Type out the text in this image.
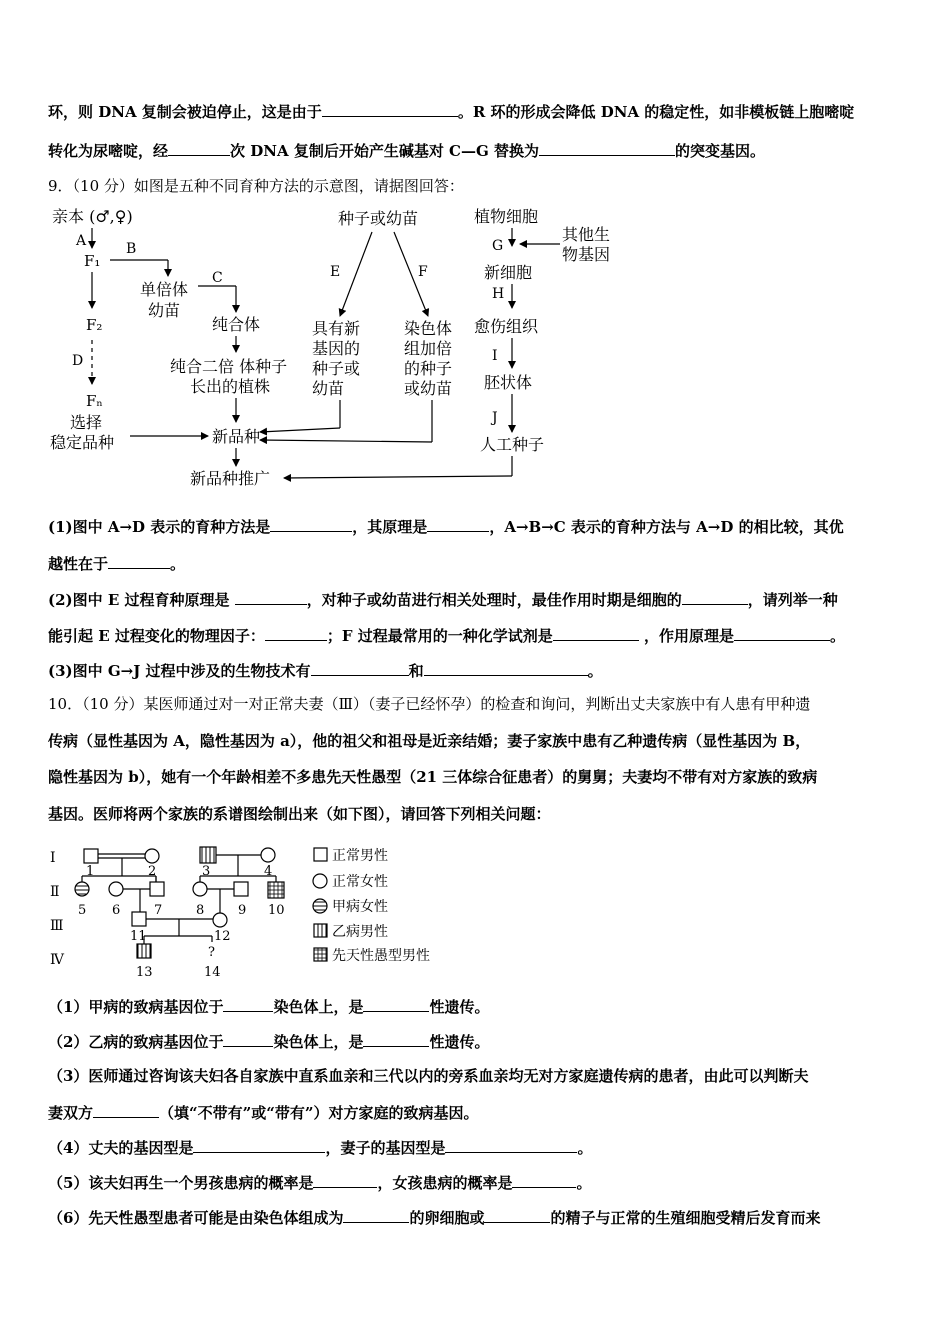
环，则 DNA 复制会被迫停止，这是由于	。R 环的形成会降低 DNA 的稳定性，如非模板链上胞嘧啶
转化为尿嘧啶，经	次 DNA 复制后开始产生碱基对 C—G 替换为	的突变基因。
9．（10 分）如图是五种不同育种方法的示意图，请据图回答：
亲本 (♂,♀)
A
F₁
B
单倍体
幼苗
C
纯合体
纯合二倍 体种子
长出的植株
F₂
D
Fₙ
选择
稳定品种	新品种
新品种推广
种子或幼苗
E	F
具有新
基因的
种子或
幼苗
染色体
组加倍
的种子
或幼苗
植物细胞
G
其他生
物基因
新细胞
H
愈伤组织
I
胚状体
J
人工种子
(1)图中 A→D 表示的育种方法是	，其原理是	，A→B→C 表示的育种方法与 A→D 的相比较，其优
越性在于	。
(2)图中 E 过程育种原理是	，对种子或幼苗进行相关处理时，最佳作用时期是细胞的	，请列举一种
能引起 E 过程变化的物理因子：	；F 过程最常用的一种化学试剂是	，作用原理是	。
(3)图中 G→J 过程中涉及的生物技术有	和	。
10．（10 分）某医师通过对一对正常夫妻（Ⅲ）（妻子已经怀孕）的检查和询问，判断出丈夫家族中有人患有甲种遗
传病（显性基因为 A，隐性基因为 a），他的祖父和祖母是近亲结婚；妻子家族中患有乙种遗传病（显性基因为 B，
隐性基因为 b），她有一个年龄相差不多患先天性愚型（21 三体综合征患者）的舅舅；夫妻均不带有对方家族的致病
基因。医师将两个家族的系谱图绘制出来（如下图），请回答下列相关问题：
Ⅰ
Ⅱ
Ⅲ
Ⅳ
1	2	3	4
5 6	7	8	9 10
11	12
?
13	14
正常男性
正常女性
甲病女性
乙病男性
先天性愚型男性
（1）甲病的致病基因位于	染色体上，是	性遗传。
（2）乙病的致病基因位于	染色体上，是	性遗传。
（3）医师通过咨询该夫妇各自家族中直系血亲和三代以内的旁系血亲均无对方家庭遗传病的患者，由此可以判断夫
妻双方	（填“不带有”或“带有”）对方家庭的致病基因。
（4）丈夫的基因型是	，妻子的基因型是	。
（5）该夫妇再生一个男孩患病的概率是	，女孩患病的概率是	。
（6）先天性愚型患者可能是由染色体组成为	的卵细胞或	的精子与正常的生殖细胞受精后发育而来
